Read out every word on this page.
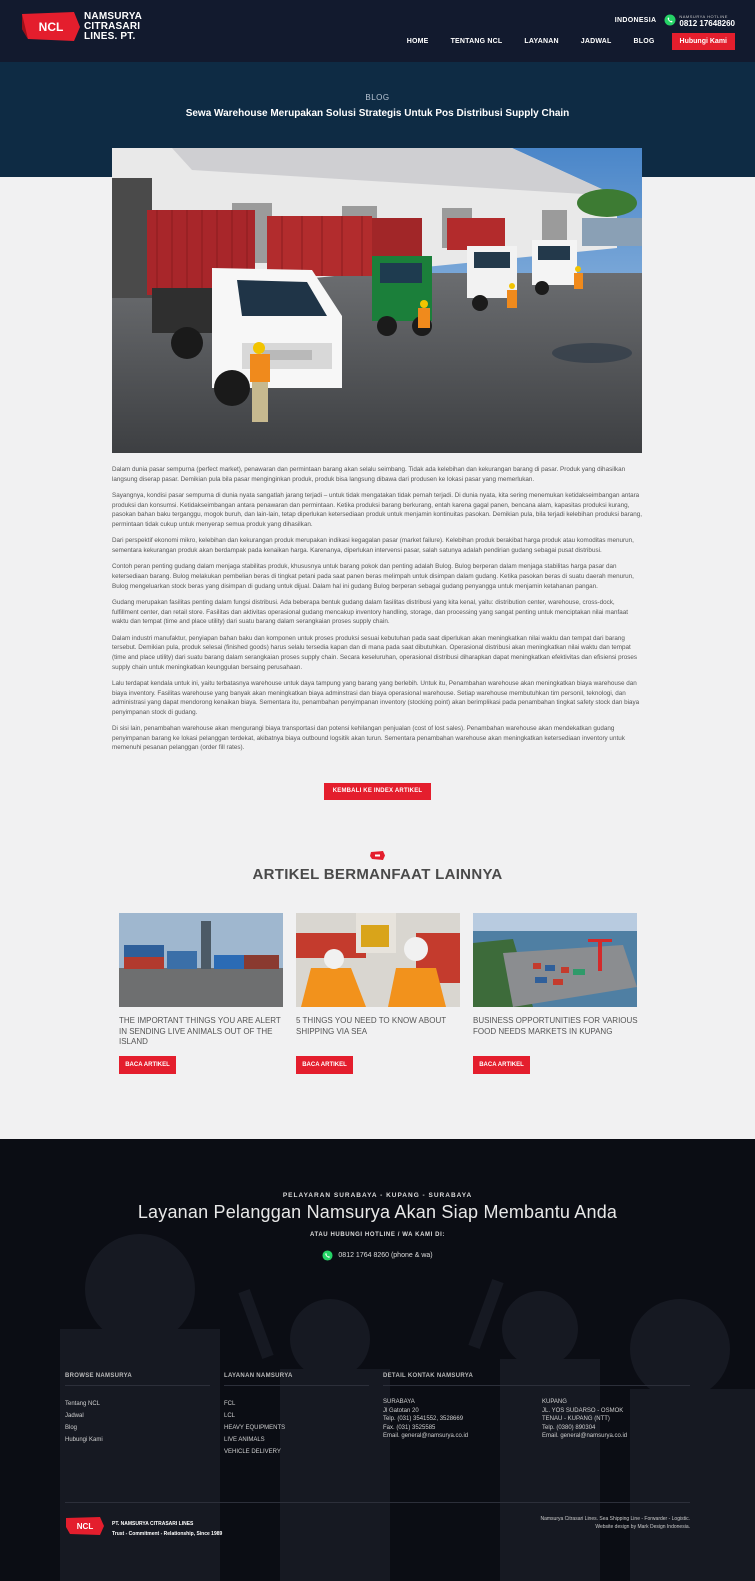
NCL
NAMSURYA
CITRASARI
LINES. PT.
INDONESIA	NAMSURYA HOTLINE
0812 17648260
HOME	TENTANG NCL	LAYANAN	JADWAL	BLOG	Hubungi Kami
BLOG
Sewa Warehouse Merupakan Solusi Strategis Untuk Pos Distribusi Supply Chain

Dalam dunia pasar sempurna (perfect market), penawaran dan permintaan barang akan selalu seimbang. Tidak ada kelebihan dan kekurangan barang di pasar. Produk yang dihasilkan langsung diserap pasar. Demikian pula bila pasar menginginkan produk, produk bisa langsung dibawa dari produsen ke lokasi pasar yang memerlukan.

Sayangnya, kondisi pasar sempurna di dunia nyata sangatlah jarang terjadi – untuk tidak mengatakan tidak pernah terjadi. Di dunia nyata, kita sering menemukan ketidakseimbangan antara produksi dan konsumsi. Ketidakseimbangan antara penawaran dan permintaan. Ketika produksi barang berkurang, entah karena gagal panen, bencana alam, kapasitas produksi kurang, pasokan bahan baku terganggu, mogok buruh, dan lain-lain, tetap diperlukan ketersediaan produk untuk menjamin kontinuitas pasokan. Demikian pula, bila terjadi kelebihan produksi barang, permintaan tidak cukup untuk menyerap semua produk yang dihasilkan.

Dari perspektif ekonomi mikro, kelebihan dan kekurangan produk merupakan indikasi kegagalan pasar (market failure). Kelebihan produk berakibat harga produk atau komoditas menurun, sementara kekurangan produk akan berdampak pada kenaikan harga. Karenanya, diperlukan intervensi pasar, salah satunya adalah pendirian gudang sebagai pusat distribusi.

Contoh peran penting gudang dalam menjaga stabilitas produk, khususnya untuk barang pokok dan penting adalah Bulog. Bulog berperan dalam menjaga stabilitas harga pasar dan ketersediaan barang. Bulog melakukan pembelian beras di tingkat petani pada saat panen beras melimpah untuk disimpan dalam gudang. Ketika pasokan beras di suatu daerah menurun, Bulog mengeluarkan stock beras yang disimpan di gudang untuk dijual. Dalam hal ini gudang Bulog berperan sebagai gudang penyangga untuk menjamin ketahanan pangan.

Gudang merupakan fasilitas penting dalam fungsi distribusi. Ada beberapa bentuk gudang dalam fasilitas distribusi yang kita kenal, yaitu: distribution center, warehouse, cross-dock, fulfillment center, dan retail store. Fasilitas dan aktivitas operasional gudang mencakup inventory handling, storage, dan processing yang sangat penting untuk menciptakan nilai manfaat waktu dan tempat (time and place utility) dari suatu barang dalam serangkaian proses supply chain.

Dalam industri manufaktur, penyiapan bahan baku dan komponen untuk proses produksi sesuai kebutuhan pada saat diperlukan akan meningkatkan nilai waktu dan tempat dari barang tersebut. Demikian pula, produk selesai (finished goods) harus selalu tersedia kapan dan di mana pada saat dibutuhkan. Operasional distribusi akan meningkatkan nilai waktu dan tempat (time and place utility) dari suatu barang dalam serangkaian proses supply chain. Secara keseluruhan, operasional distribusi diharapkan dapat meningkatkan efektivitas dan efisiensi proses supply chain untuk meningkatkan keunggulan bersaing perusahaan.

Lalu terdapat kendala untuk ini, yaitu terbatasnya warehouse untuk daya tampung yang barang yang berlebih. Untuk itu, Penambahan warehouse akan meningkatkan biaya warehouse dan biaya inventory. Fasilitas warehouse yang banyak akan meningkatkan biaya adminstrasi dan biaya operasional warehouse. Setiap warehouse membutuhkan tim personil, teknologi, dan administrasi yang dapat mendorong kenaikan biaya. Sementara itu, penambahan penyimpanan inventory (stocking point) akan berimplikasi pada penambahan tingkat safety stock dan biaya penyimpanan stock di gudang.

Di sisi lain, penambahan warehouse akan mengurangi biaya transportasi dan potensi kehilangan penjualan (cost of lost sales). Penambahan warehouse akan mendekatkan gudang penyimpanan barang ke lokasi pelanggan terdekat, akibatnya biaya outbound logsitik akan turun. Sementara penambahan warehouse akan meningkatkan ketersediaan inventory untuk memenuhi pesanan pelanggan (order fill rates).

KEMBALI KE INDEX ARTIKEL
ARTIKEL BERMANFAAT LAINNYA
THE IMPORTANT THINGS YOU ARE ALERT IN SENDING LIVE ANIMALS OUT OF THE ISLAND
BACA ARTIKEL
5 THINGS YOU NEED TO KNOW ABOUT SHIPPING VIA SEA
BACA ARTIKEL
BUSINESS OPPORTUNITIES FOR VARIOUS FOOD NEEDS MARKETS IN KUPANG
BACA ARTIKEL
PELAYARAN SURABAYA - KUPANG - SURABAYA
Layanan Pelanggan Namsurya Akan Siap Membantu Anda
ATAU HUBUNGI HOTLINE / WA KAMI DI:
0812 1764 8260 (phone & wa)
BROWSE NAMSURYA
Tentang NCL
Jadwal
Blog
Hubungi Kami
LAYANAN NAMSURYA
FCL
LCL
HEAVY EQUIPMENTS
LIVE ANIMALS
VEHICLE DELIVERY
DETAIL KONTAK NAMSURYA
SURABAYA
Jl Gatotan 20
Telp. (031) 3541552, 3528669
Fax. (031) 3525585
Email. general@namsurya.co.id
KUPANG
JL. YOS SUDARSO - OSMOK
TENAU - KUPANG (NTT)
Telp. (0380) 890304
Email. general@namsurya.co.id
NCL	PT. NAMSURYA CITRASARI LINES
Trust - Commitment - Relationship, Since 1989
Namsurya Citrasari Lines. Sea Shipping Line - Forwarder - Logistic.
Website design by Mark Design Indonesia.
